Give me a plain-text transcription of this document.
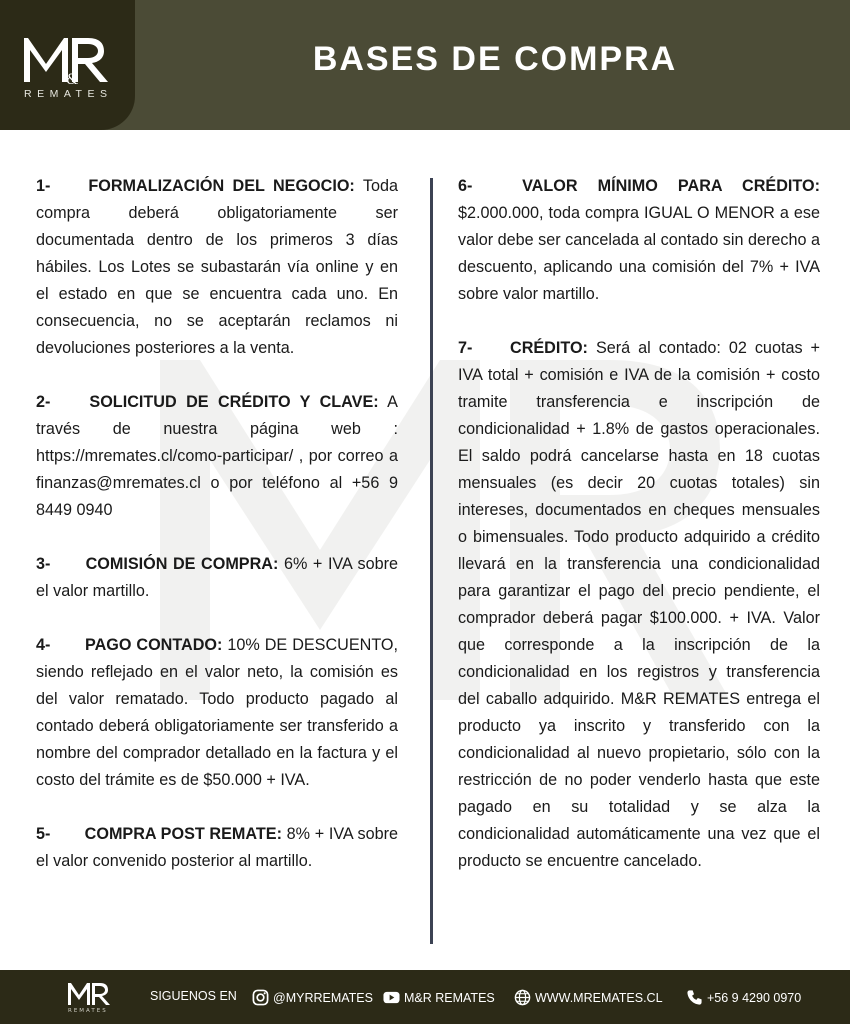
&
REMATES
BASES DE COMPRA
1- FORMALIZACIÓN DEL NEGOCIO: Toda compra deberá obligatoriamente ser documentada dentro de los primeros 3 días hábiles. Los Lotes se subastarán vía online y en el estado en que se encuentra cada uno. En consecuencia, no se aceptarán reclamos ni devoluciones posteriores a la venta.
2- SOLICITUD DE CRÉDITO Y CLAVE: A través de nuestra página web : https://mremates.cl/como-participar/ , por correo a finanzas@mremates.cl o por teléfono al +56 9 8449 0940
3- COMISIÓN DE COMPRA: 6% + IVA sobre el valor martillo.
4- PAGO CONTADO: 10% DE DESCUENTO, siendo reflejado en el valor neto, la comisión es del valor rematado. Todo producto pagado al contado deberá obligatoriamente ser transferido a nombre del comprador detallado en la factura y el costo del trámite es de $50.000 + IVA.
5- COMPRA POST REMATE: 8% + IVA sobre el valor convenido posterior al martillo.
6-	VALOR MÍNIMO PARA CRÉDITO: $2.000.000, toda compra IGUAL O MENOR a ese valor debe ser cancelada al contado sin derecho a descuento, aplicando una comisión del 7% + IVA sobre valor martillo.
7- CRÉDITO: Será al contado: 02 cuotas + IVA total + comisión e IVA de la comisión + costo tramite transferencia e inscripción de condicionalidad + 1.8% de gastos operacionales. El saldo podrá cancelarse hasta en 18 cuotas mensuales (es decir 20 cuotas totales) sin intereses, documentados en cheques mensuales o bimensuales. Todo producto adquirido a crédito llevará en la transferencia una condicionalidad para garantizar el pago del precio pendiente, el comprador deberá pagar $100.000. + IVA. Valor que corresponde a la inscripción de la condicionalidad en los registros y transferencia del caballo adquirido. M&R REMATES entrega el producto ya inscrito y transferido con la condicionalidad al nuevo propietario, sólo con la restricción de no poder venderlo hasta que este pagado en su totalidad y se alza la condicionalidad automáticamente una vez que el producto se encuentre cancelado.
REMATES
SIGUENOS EN	@MYRREMATES M&R REMATES	WWW.MREMATES.CL	+56 9 4290 0970
